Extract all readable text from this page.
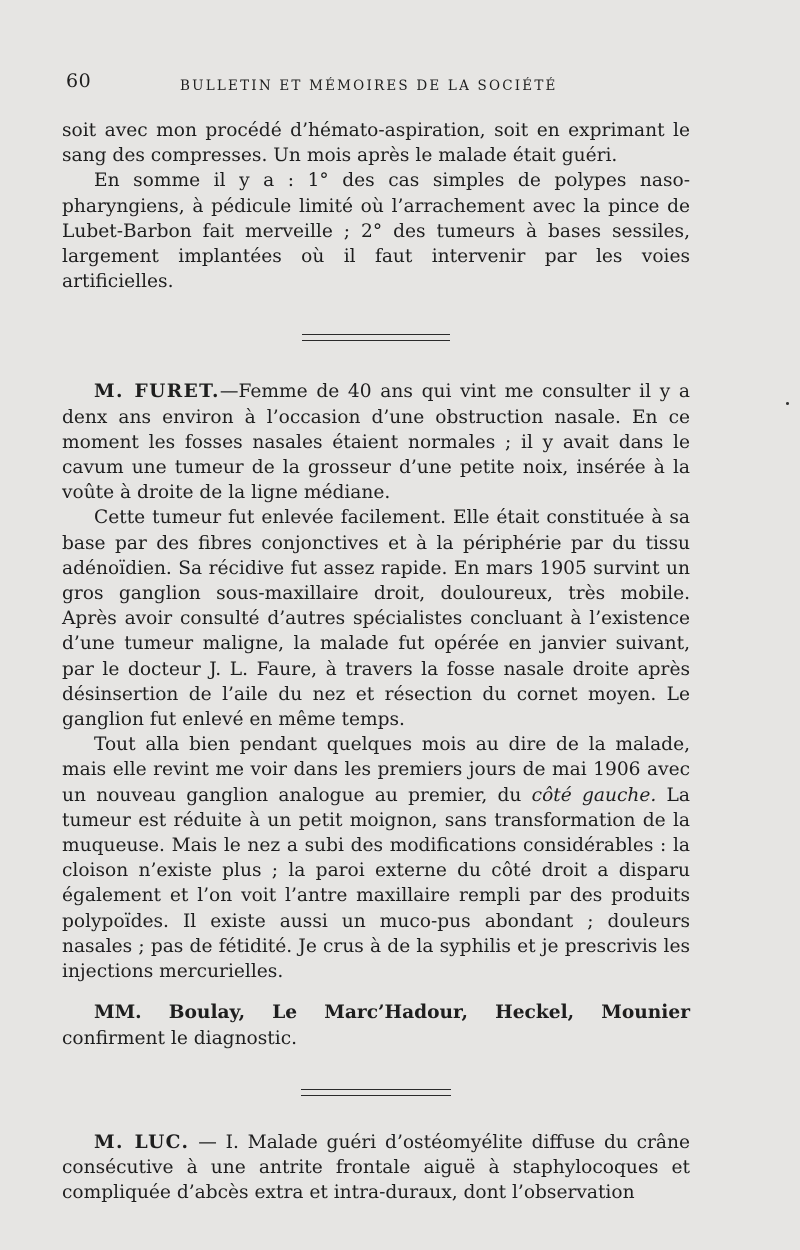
60	BULLETIN ET MÉMOIRES DE LA SOCIÉTÉ

soit avec mon procédé d’hémato-aspiration, soit en exprimant le sang des compresses. Un mois après le malade était guéri.

En somme il y a : 1° des cas simples de polypes naso-pharyngiens, à pédicule limité où l’arrachement avec la pince de Lubet-Barbon fait merveille ; 2° des tumeurs à bases sessiles, largement implantées où il faut intervenir par les voies artificielles.

M. FURET.—Femme de 40 ans qui vint me consulter il y a denx ans environ à l’occasion d’une obstruction nasale. En ce moment les fosses nasales étaient normales ; il y avait dans le cavum une tumeur de la grosseur d’une petite noix, insérée à la voûte à droite de la ligne médiane.

Cette tumeur fut enlevée facilement. Elle était constituée à sa base par des fibres conjonctives et à la périphérie par du tissu adénoïdien. Sa récidive fut assez rapide. En mars 1905 survint un gros ganglion sous-maxillaire droit, douloureux, très mobile. Après avoir consulté d’autres spécialistes concluant à l’existence d’une tumeur maligne, la malade fut opérée en janvier suivant, par le docteur J. L. Faure, à travers la fosse nasale droite après désinsertion de l’aile du nez et résection du cornet moyen. Le ganglion fut enlevé en même temps.

Tout alla bien pendant quelques mois au dire de la malade, mais elle revint me voir dans les premiers jours de mai 1906 avec un nouveau ganglion analogue au premier, du côté gauche. La tumeur est réduite à un petit moignon, sans transformation de la muqueuse. Mais le nez a subi des modifications considérables : la cloison n’existe plus ; la paroi externe du côté droit a disparu également et l’on voit l’antre maxillaire rempli par des produits polypoïdes. Il existe aussi un muco-pus abondant ; douleurs nasales ; pas de fétidité. Je crus à de la syphilis et je prescrivis les injections mercurielles.

MM. Boulay, Le Marc’Hadour, Heckel, Mounier confirment le diagnostic.

M. LUC. — I. Malade guéri d’ostéomyélite diffuse du crâne consécutive à une antrite frontale aiguë à staphylocoques et compliquée d’abcès extra et intra-duraux, dont l’observation
